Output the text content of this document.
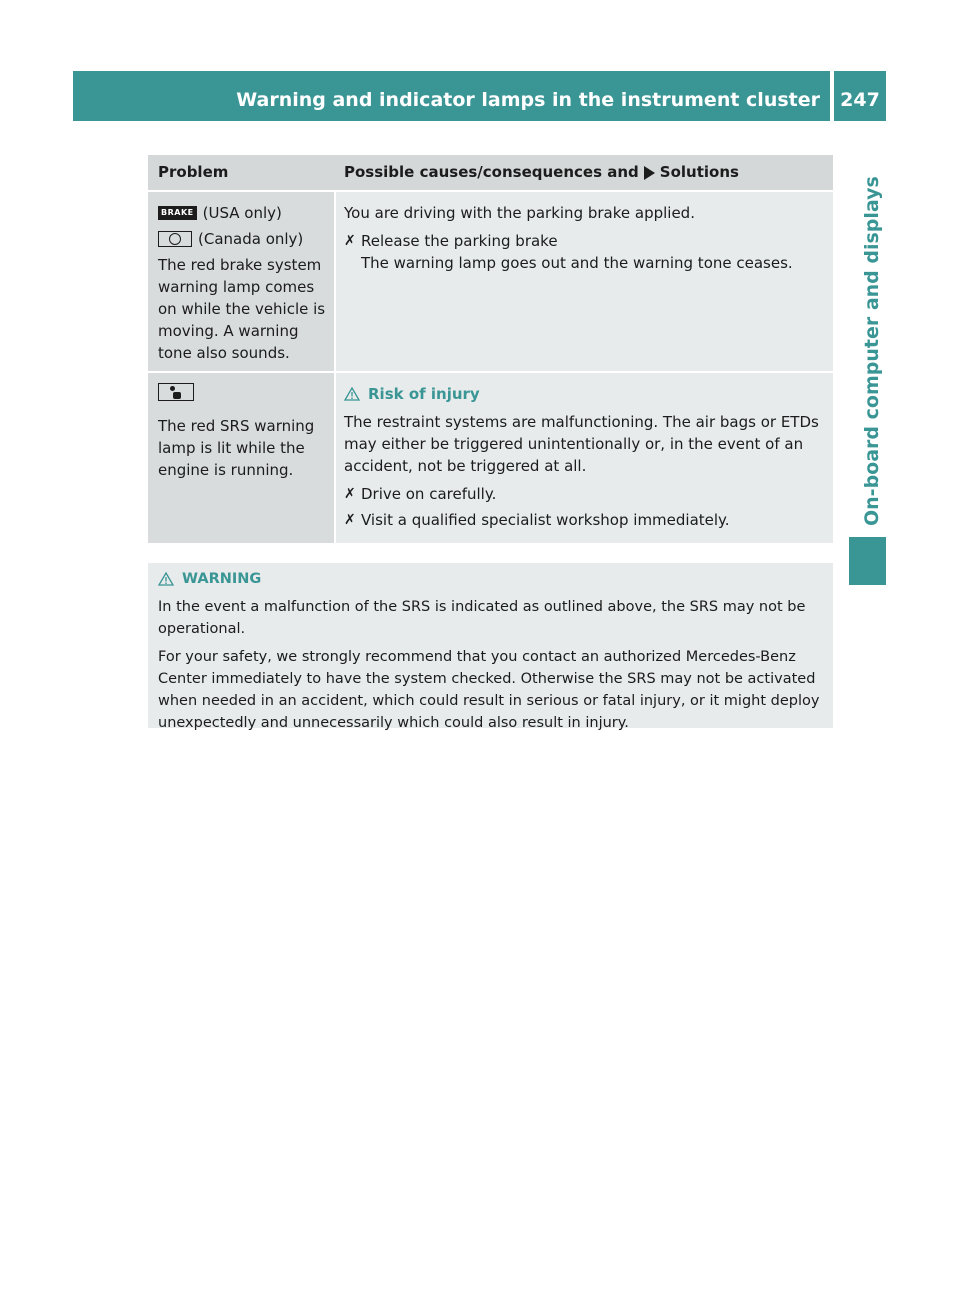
Warning and indicator lamps in the instrument cluster	247
On-board computer and displays
Problem	Possible causes/consequences and Solutions
BRAKE (USA only)
(Canada only)
The red brake system warning lamp comes on while the vehicle is moving. A warning tone also sounds.
You are driving with the parking brake applied.
✗ Release the parking brake
The warning lamp goes out and the warning tone ceases.
The red SRS warning lamp is lit while the engine is running.
Risk of injury
The restraint systems are malfunctioning. The air bags or ETDs may either be triggered unintentionally or, in the event of an accident, not be triggered at all.
✗ Drive on carefully.
✗ Visit a qualified specialist workshop immediately.
WARNING
In the event a malfunction of the SRS is indicated as outlined above, the SRS may not be operational.
For your safety, we strongly recommend that you contact an authorized Mercedes-Benz Center immediately to have the system checked. Otherwise the SRS may not be activated when needed in an accident, which could result in serious or fatal injury, or it might deploy unexpectedly and unnecessarily which could also result in injury.
